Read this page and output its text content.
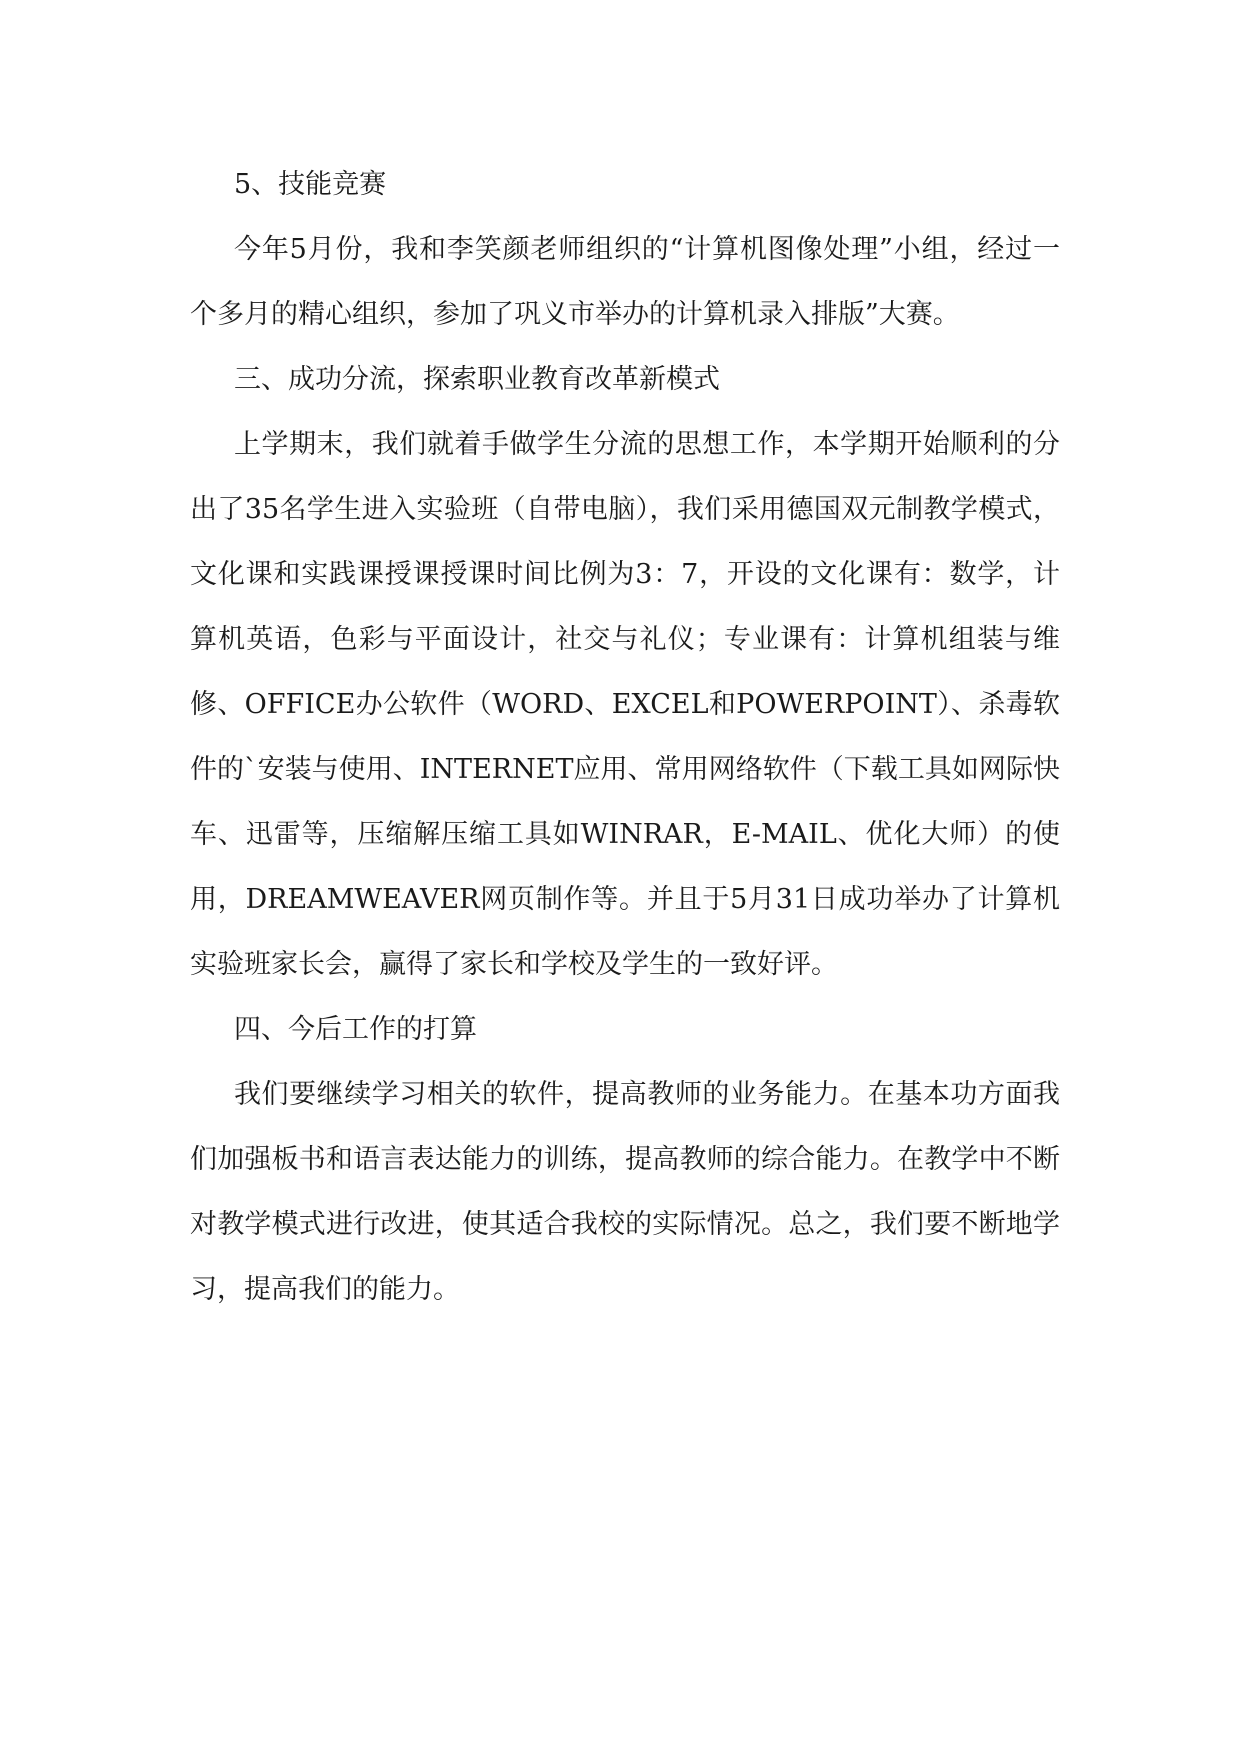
5、技能竞赛

今年5月份，我和李笑颜老师组织的“计算机图像处理”小组，经过一个多月的精心组织，参加了巩义市举办的计算机录入排版”大赛。

三、成功分流，探索职业教育改革新模式

上学期末，我们就着手做学生分流的思想工作，本学期开始顺利的分出了35名学生进入实验班（自带电脑），我们采用德国双元制教学模式，文化课和实践课授课授课时间比例为3：7，开设的文化课有：数学，计算机英语，色彩与平面设计，社交与礼仪；专业课有：计算机组装与维修、OFFICE办公软件（WORD、EXCEL和POWERPOINT）、杀毒软件的`安装与使用、INTERNET应用、常用网络软件（下载工具如网际快车、迅雷等，压缩解压缩工具如WINRAR，E-MAIL、优化大师）的使用，DREAMWEAVER网页制作等。并且于5月31日成功举办了计算机实验班家长会，赢得了家长和学校及学生的一致好评。

四、今后工作的打算

我们要继续学习相关的软件，提高教师的业务能力。在基本功方面我们加强板书和语言表达能力的训练，提高教师的综合能力。在教学中不断对教学模式进行改进，使其适合我校的实际情况。总之，我们要不断地学习，提高我们的能力。
